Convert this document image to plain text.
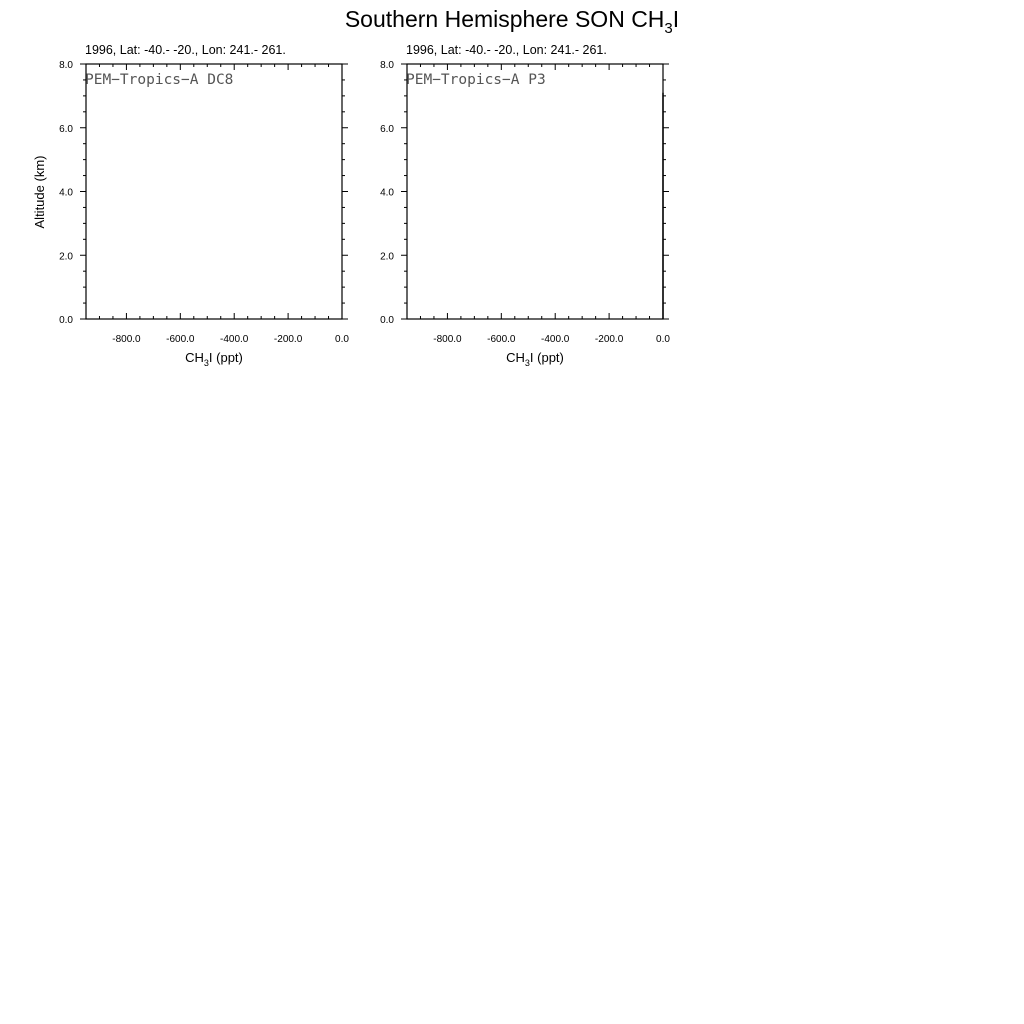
Southern Hemisphere SON $CH_3I$
1996, Lat: -40.- -20., Lon: 241.- 261.
-800.0	-600.0	-400.0	-200.0	0.0
0.0
2.0
4.0
6.0
8.0
PEM−Tropics−A DC8
$CH_3I$ (ppt)
Altitude (km)
1996, Lat: -40.- -20., Lon: 241.- 261.
-800.0	-600.0	-400.0	-200.0	0.0
0.0
2.0
4.0
6.0
8.0
PEM−Tropics−A P3
$CH_3I$ (ppt)
